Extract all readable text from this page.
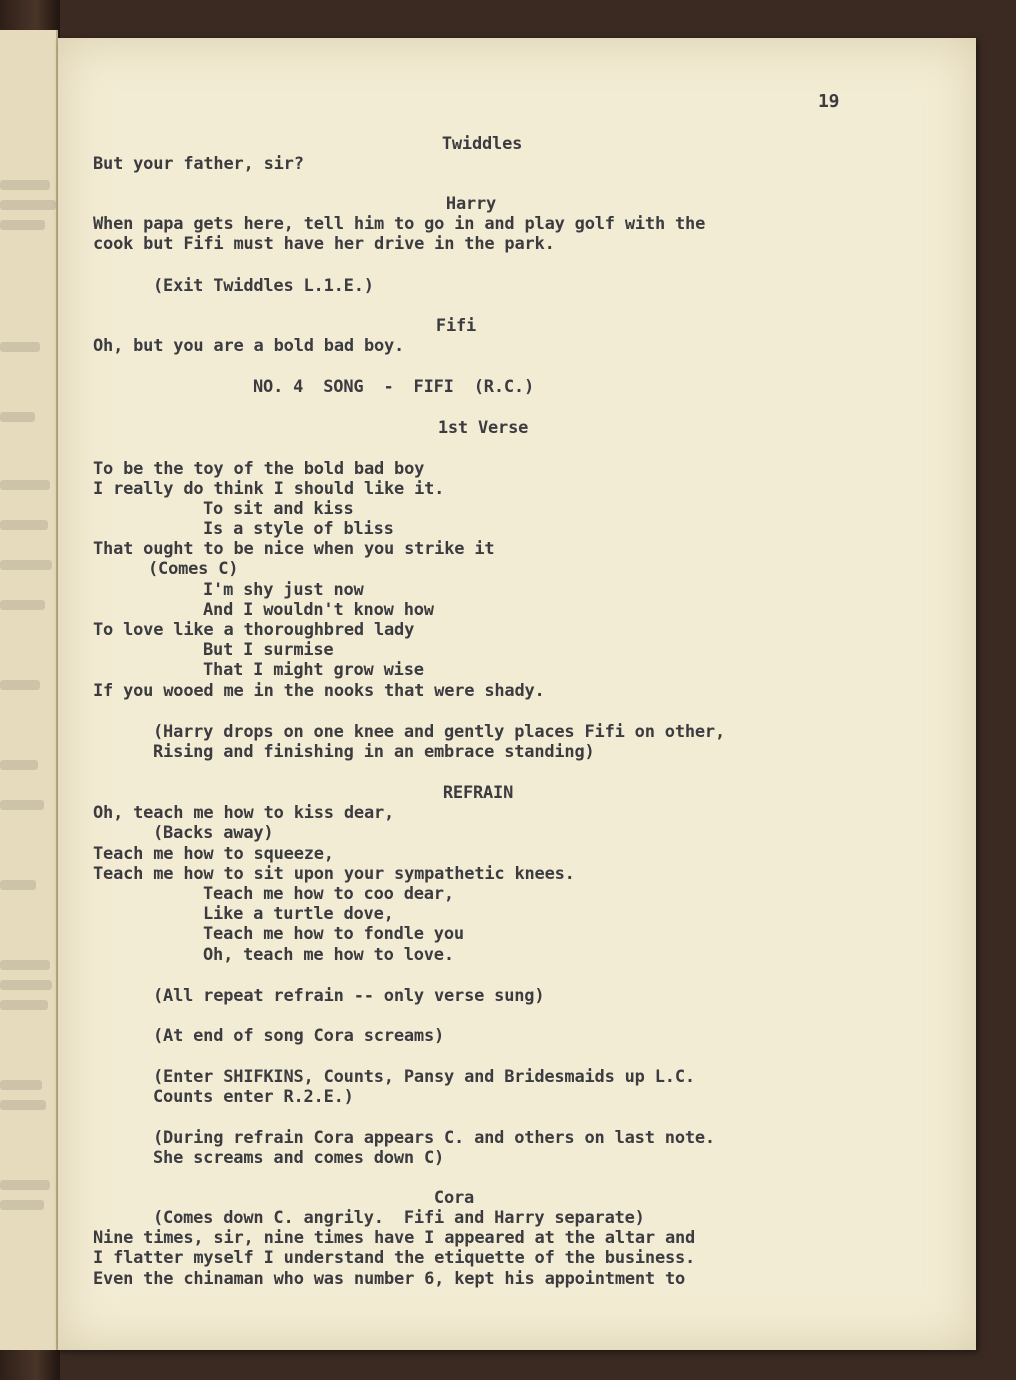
19
Twiddles
But your father, sir?
Harry
When papa gets here, tell him to go in and play golf with the
cook but Fifi must have her drive in the park.
(Exit Twiddles L.1.E.)
Fifi
Oh, but you are a bold bad boy.
NO. 4  SONG  -  FIFI  (R.C.)
1st Verse
To be the toy of the bold bad boy
I really do think I should like it.
To sit and kiss
Is a style of bliss
That ought to be nice when you strike it
(Comes C)
I'm shy just now
And I wouldn't know how
To love like a thoroughbred lady
But I surmise
That I might grow wise
If you wooed me in the nooks that were shady.
(Harry drops on one knee and gently places Fifi on other,
Rising and finishing in an embrace standing)
REFRAIN
Oh, teach me how to kiss dear,
(Backs away)
Teach me how to squeeze,
Teach me how to sit upon your sympathetic knees.
Teach me how to coo dear,
Like a turtle dove,
Teach me how to fondle you
Oh, teach me how to love.
(All repeat refrain -- only verse sung)
(At end of song Cora screams)
(Enter SHIFKINS, Counts, Pansy and Bridesmaids up L.C.
Counts enter R.2.E.)
(During refrain Cora appears C. and others on last note.
She screams and comes down C)
Cora
(Comes down C. angrily.  Fifi and Harry separate)
Nine times, sir, nine times have I appeared at the altar and
I flatter myself I understand the etiquette of the business.
Even the chinaman who was number 6, kept his appointment to
